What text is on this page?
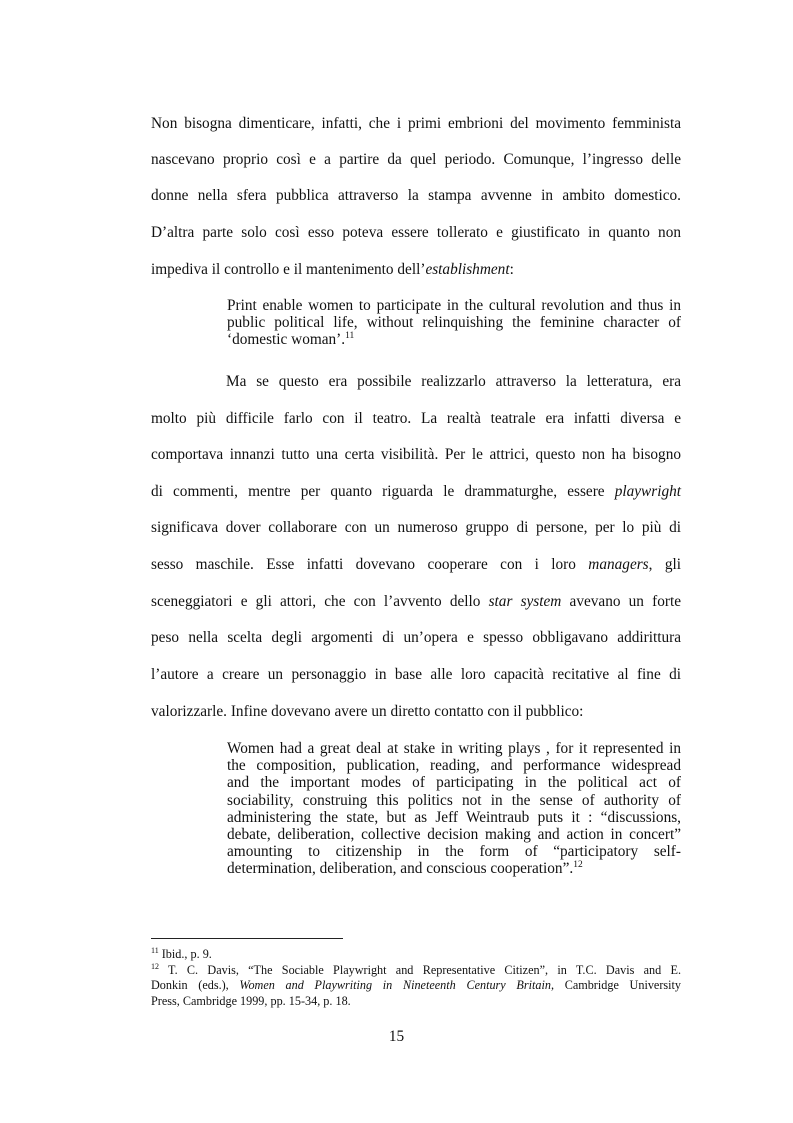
Non bisogna dimenticare, infatti, che i primi embrioni del movimento femminista
nascevano proprio così e a partire da quel periodo. Comunque, l’ingresso delle
donne nella sfera pubblica attraverso la stampa avvenne in ambito domestico.
D’altra parte solo così esso poteva essere tollerato e giustificato in quanto non
impediva il controllo e il mantenimento dell’establishment:
Print enable women to participate in the cultural revolution and thus in
public political life, without relinquishing the feminine character of
‘domestic woman’.$^{11}$
Ma se questo era possibile realizzarlo attraverso la letteratura, era
molto più difficile farlo con il teatro. La realtà teatrale era infatti diversa e
comportava innanzi tutto una certa visibilità. Per le attrici, questo non ha bisogno
di commenti, mentre per quanto riguarda le drammaturghe, essere playwright
significava dover collaborare con un numeroso gruppo di persone, per lo più di
sesso maschile. Esse infatti dovevano cooperare con i loro managers, gli
sceneggiatori e gli attori, che con l’avvento dello star system avevano un forte
peso nella scelta degli argomenti di un’opera e spesso obbligavano addirittura
l’autore a creare un personaggio in base alle loro capacità recitative al fine di
valorizzarle. Infine dovevano avere un diretto contatto con il pubblico:
Women had a great deal at stake in writing plays , for it represented in
the composition, publication, reading, and performance widespread
and the important modes of participating in the political act of
sociability, construing this politics not in the sense of authority of
administering the state, but as Jeff Weintraub puts it : “discussions,
debate, deliberation, collective decision making and action in concert”
amounting to citizenship in the form of “participatory self-
determination, deliberation, and conscious cooperation”.$^{12}$
$^{11}$ Ibid., p. 9.
$^{12}$ T. C. Davis, “The Sociable Playwright and Representative Citizen”, in T.C. Davis and E.
Donkin (eds.), Women and Playwriting in Nineteenth Century Britain, Cambridge University
Press, Cambridge 1999, pp. 15-34, p. 18.
15
